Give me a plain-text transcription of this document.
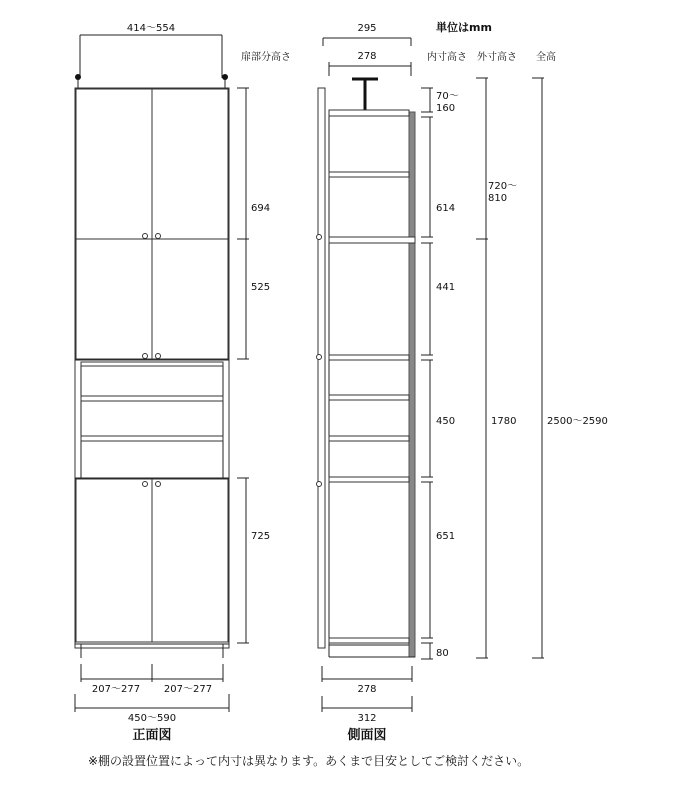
414～554
207～277 207～277
450～590
正面図
694
525
725
扉部分高さ
単位はmm
内寸高さ 外寸高さ 全高
295
278
278
312
側面図
70～
160
614
441
450
651
80
720～
810
1780	2500～2590
※棚の設置位置によって内寸は異なります。あくまで目安としてご検討ください。
